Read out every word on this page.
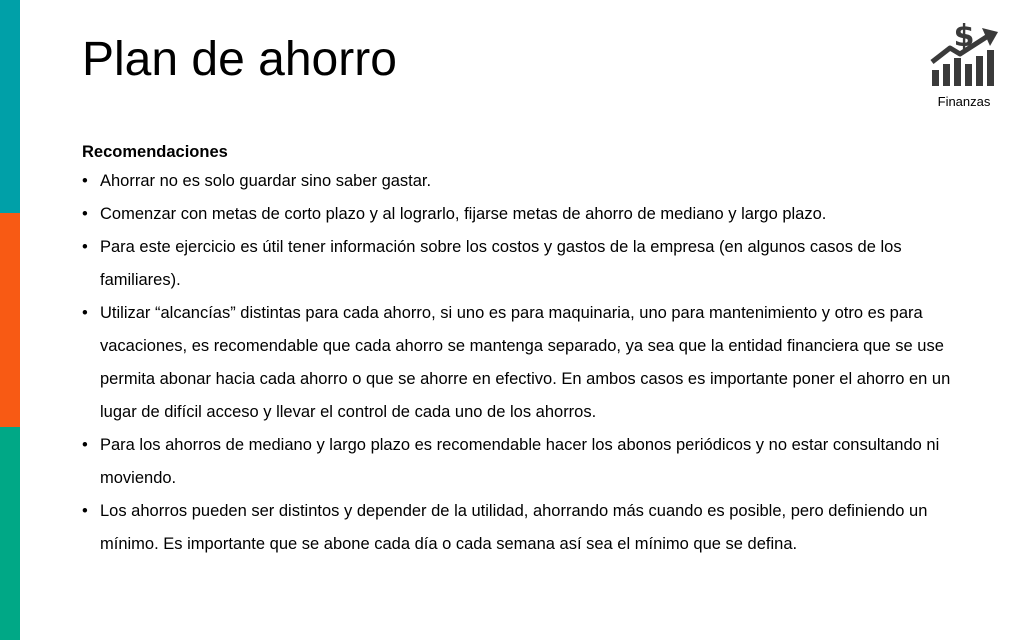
Plan de ahorro	$
Finanzas

Recomendaciones

• Ahorrar no es solo guardar sino saber gastar.
• Comenzar con metas de corto plazo y al lograrlo, fijarse metas de ahorro de mediano y largo plazo.
• Para este ejercicio es útil tener información sobre los costos y gastos de la empresa (en algunos casos de los familiares).
• Utilizar “alcancías” distintas para cada ahorro, si uno es para maquinaria, uno para mantenimiento y otro es para vacaciones, es recomendable que cada ahorro se mantenga separado, ya sea que la entidad financiera que se use permita abonar hacia cada ahorro o que se ahorre en efectivo. En ambos casos es importante poner el ahorro en un lugar de difícil acceso y llevar el control de cada uno de los ahorros.
• Para los ahorros de mediano y largo plazo es recomendable hacer los abonos periódicos y no estar consultando ni moviendo.
• Los ahorros pueden ser distintos y depender de la utilidad, ahorrando más cuando es posible, pero definiendo un mínimo. Es importante que se abone cada día o cada semana así sea el mínimo que se defina.
